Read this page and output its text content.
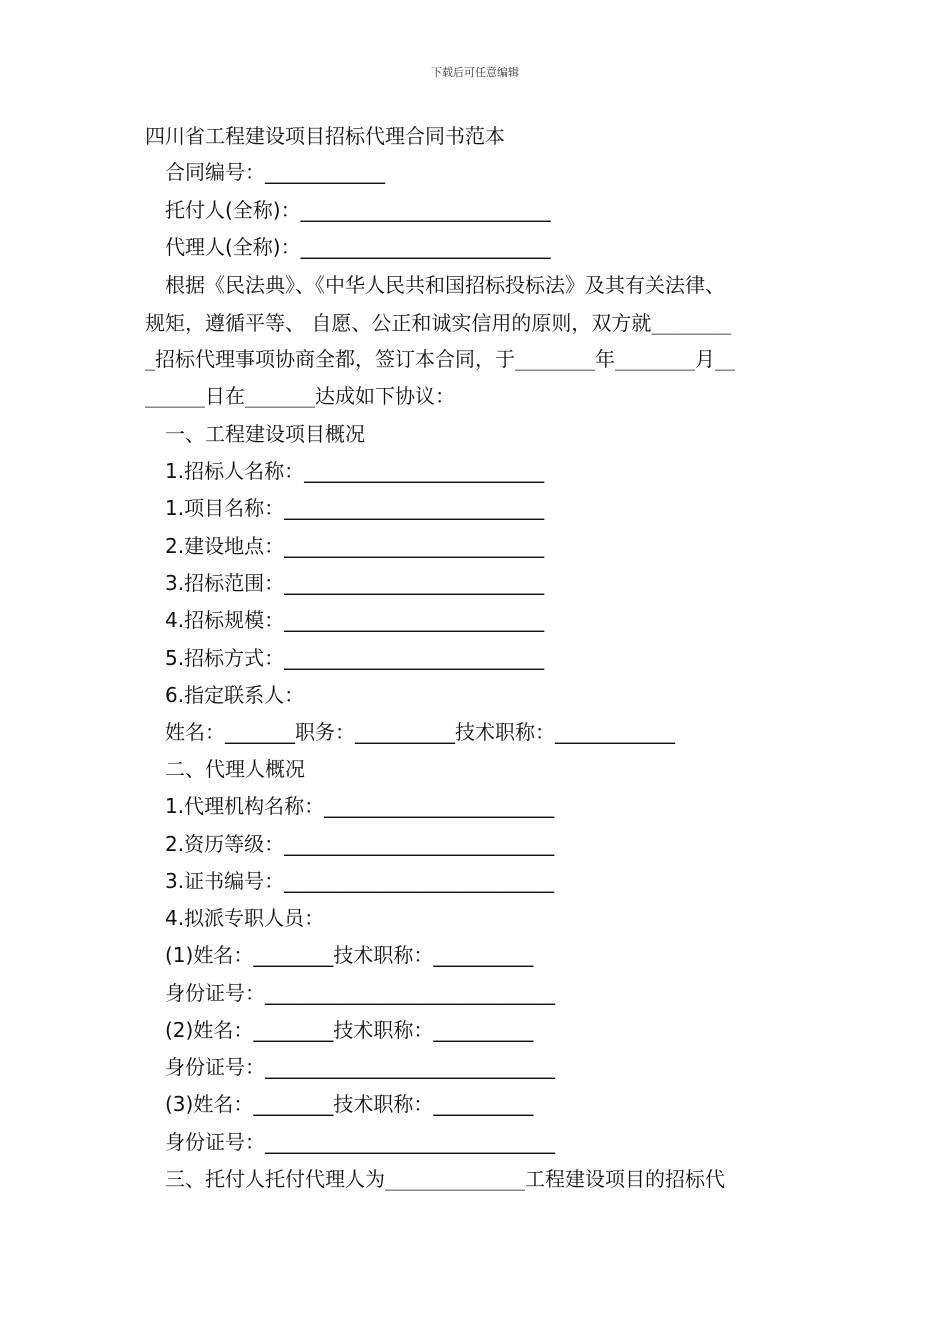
下载后可任意编辑
四川省工程建设项目招标代理合同书范本
合同编号：____________
托付人(全称)：_________________________
代理人(全称)：_________________________
根据《民法典》、《中华人民共和国招标投标法》及其有关法律、
规矩，遵循平等、 自愿、公正和诚实信用的原则，双方就________
_招标代理事项协商全都，签订本合同，于________年________月__
______日在_______达成如下协议：
一、工程建设项目概况
1.招标人名称：________________________
1.项目名称：__________________________
2.建设地点：__________________________
3.招标范围：__________________________
4.招标规模：__________________________
5.招标方式：__________________________
6.指定联系人：
姓名：_______职务：__________技术职称：____________
二、代理人概况
1.代理机构名称：_______________________
2.资历等级：___________________________
3.证书编号：___________________________
4.拟派专职人员：
(1)姓名：________技术职称：__________
身份证号：_____________________________
(2)姓名：________技术职称：__________
身份证号：_____________________________
(3)姓名：________技术职称：__________
身份证号：_____________________________
三、托付人托付代理人为______________工程建设项目的招标代
